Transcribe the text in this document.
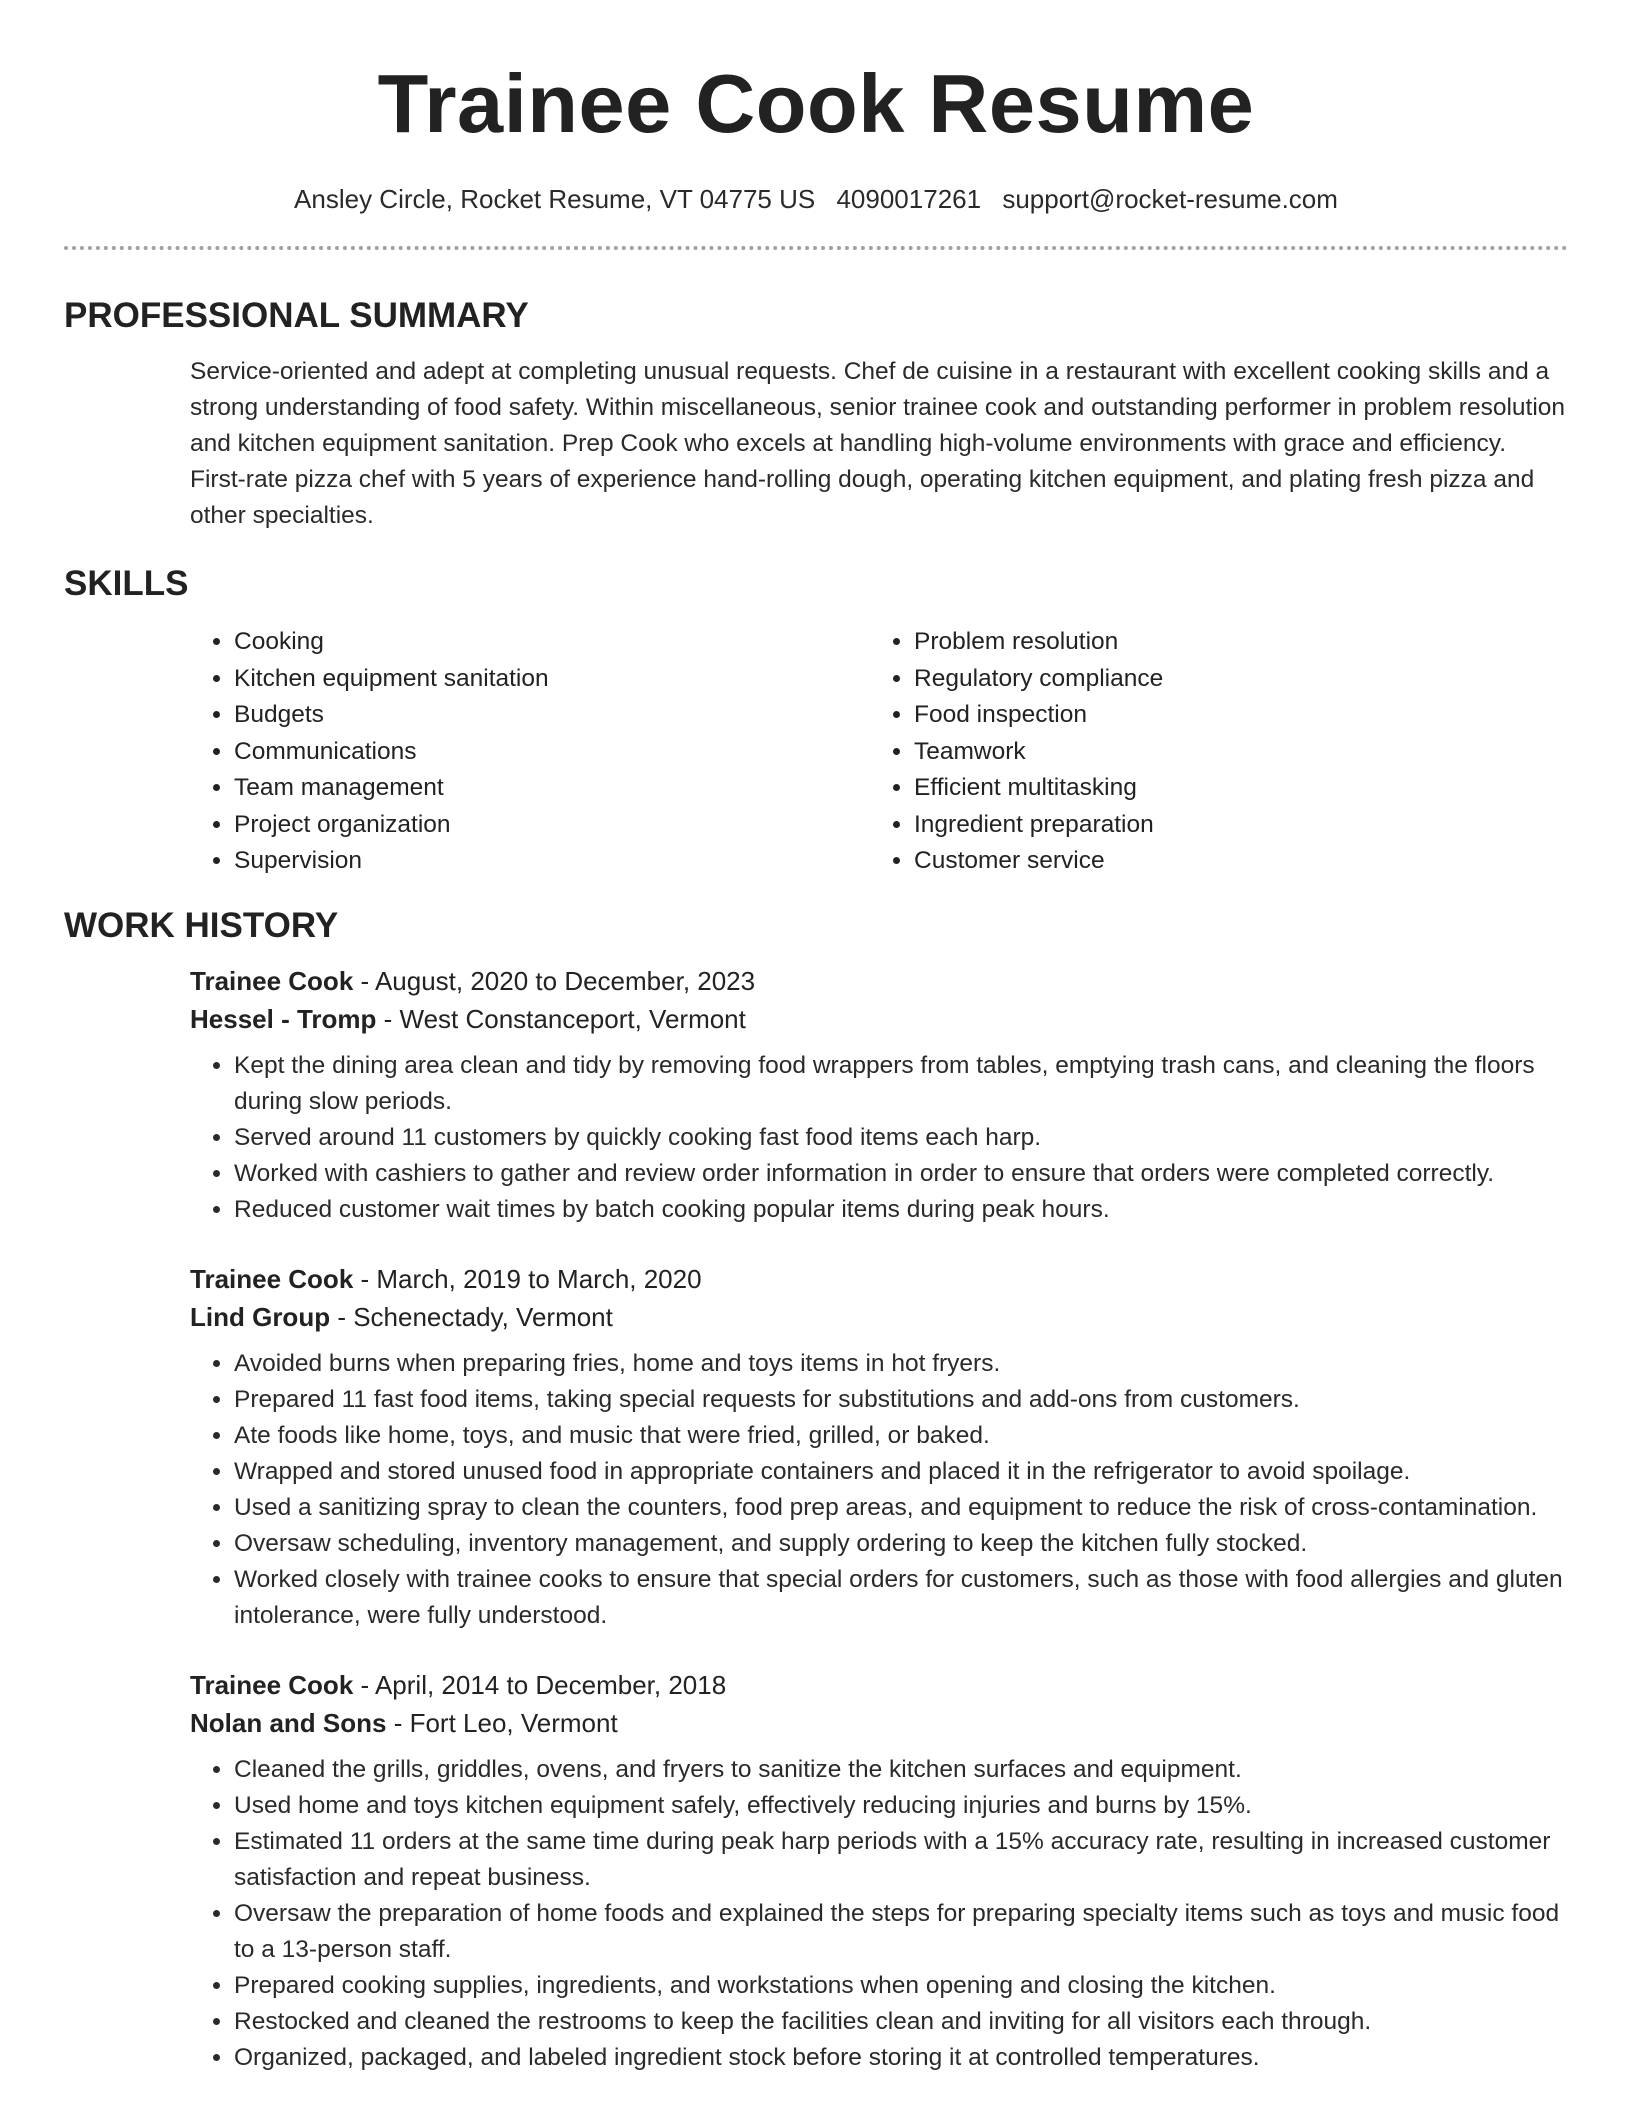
Trainee Cook Resume
Ansley Circle, Rocket Resume, VT 04775 US 4090017261 support@rocket-resume.com
PROFESSIONAL SUMMARY
Service-oriented and adept at completing unusual requests. Chef de cuisine in a restaurant with excellent cooking skills and a strong understanding of food safety. Within miscellaneous, senior trainee cook and outstanding performer in problem resolution and kitchen equipment sanitation. Prep Cook who excels at handling high-volume environments with grace and efficiency. First-rate pizza chef with 5 years of experience hand-rolling dough, operating kitchen equipment, and plating fresh pizza and other specialties.
SKILLS
• Cooking
• Kitchen equipment sanitation
• Budgets
• Communications
• Team management
• Project organization
• Supervision
• Problem resolution
• Regulatory compliance
• Food inspection
• Teamwork
• Efficient multitasking
• Ingredient preparation
• Customer service
WORK HISTORY
Trainee Cook - August, 2020 to December, 2023
Hessel - Tromp - West Constanceport, Vermont
• Kept the dining area clean and tidy by removing food wrappers from tables, emptying trash cans, and cleaning the floors during slow periods.
• Served around 11 customers by quickly cooking fast food items each harp.
• Worked with cashiers to gather and review order information in order to ensure that orders were completed correctly.
• Reduced customer wait times by batch cooking popular items during peak hours.
Trainee Cook - March, 2019 to March, 2020
Lind Group - Schenectady, Vermont
• Avoided burns when preparing fries, home and toys items in hot fryers.
• Prepared 11 fast food items, taking special requests for substitutions and add-ons from customers.
• Ate foods like home, toys, and music that were fried, grilled, or baked.
• Wrapped and stored unused food in appropriate containers and placed it in the refrigerator to avoid spoilage.
• Used a sanitizing spray to clean the counters, food prep areas, and equipment to reduce the risk of cross-contamination.
• Oversaw scheduling, inventory management, and supply ordering to keep the kitchen fully stocked.
• Worked closely with trainee cooks to ensure that special orders for customers, such as those with food allergies and gluten intolerance, were fully understood.
Trainee Cook - April, 2014 to December, 2018
Nolan and Sons - Fort Leo, Vermont
• Cleaned the grills, griddles, ovens, and fryers to sanitize the kitchen surfaces and equipment.
• Used home and toys kitchen equipment safely, effectively reducing injuries and burns by 15%.
• Estimated 11 orders at the same time during peak harp periods with a 15% accuracy rate, resulting in increased customer satisfaction and repeat business.
• Oversaw the preparation of home foods and explained the steps for preparing specialty items such as toys and music food to a 13-person staff.
• Prepared cooking supplies, ingredients, and workstations when opening and closing the kitchen.
• Restocked and cleaned the restrooms to keep the facilities clean and inviting for all visitors each through.
• Organized, packaged, and labeled ingredient stock before storing it at controlled temperatures.
